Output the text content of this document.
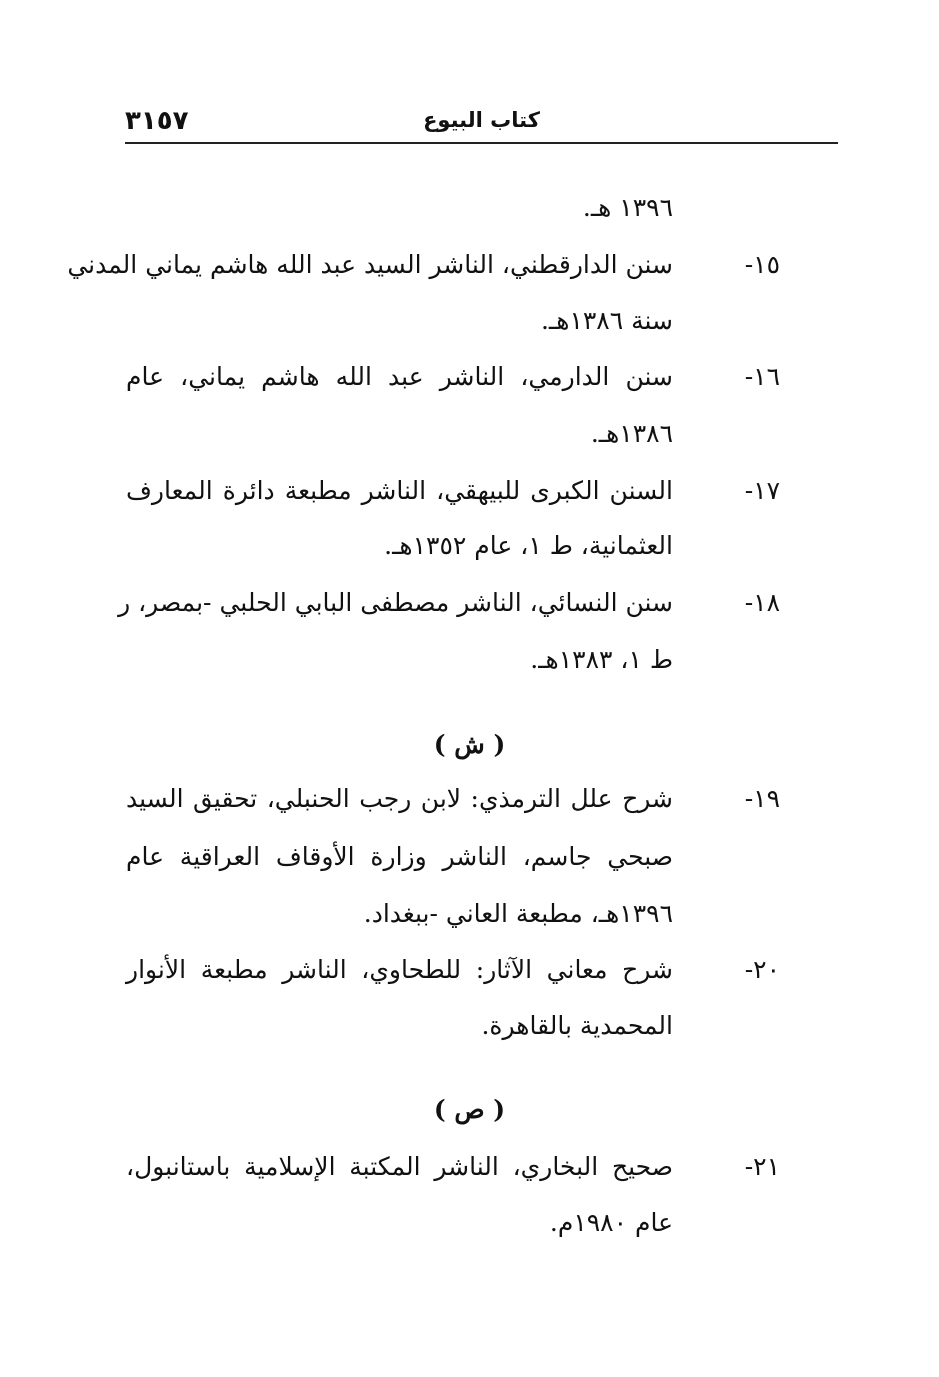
٣١٥٧	كتاب البيوع
١٣٩٦ هـ.
١٥-
سنن الدارقطني، الناشر السيد عبد الله هاشم يماني المدني
سنة ١٣٨٦هـ.
١٦-
سنن الدارمي، الناشر عبد الله هاشم يماني، عام
١٣٨٦هـ.
١٧-
السنن الكبرى للبيهقي، الناشر مطبعة دائرة المعارف
العثمانية، ط ١، عام ١٣٥٢هـ.
١٨-
سنن النسائي، الناشر مصطفى البابي الحلبي -بمصر، ر
ط ١، ١٣٨٣هـ.
( ش )
١٩-
شرح علل الترمذي: لابن رجب الحنبلي، تحقيق السيد
صبحي جاسم، الناشر وزارة الأوقاف العراقية عام
١٣٩٦هـ، مطبعة العاني -ببغداد.
٢٠-
شرح معاني الآثار: للطحاوي، الناشر مطبعة الأنوار
المحمدية بالقاهرة.
( ص )
٢١-
صحيح البخاري، الناشر المكتبة الإسلامية باستانبول،
عام ١٩٨٠م.
